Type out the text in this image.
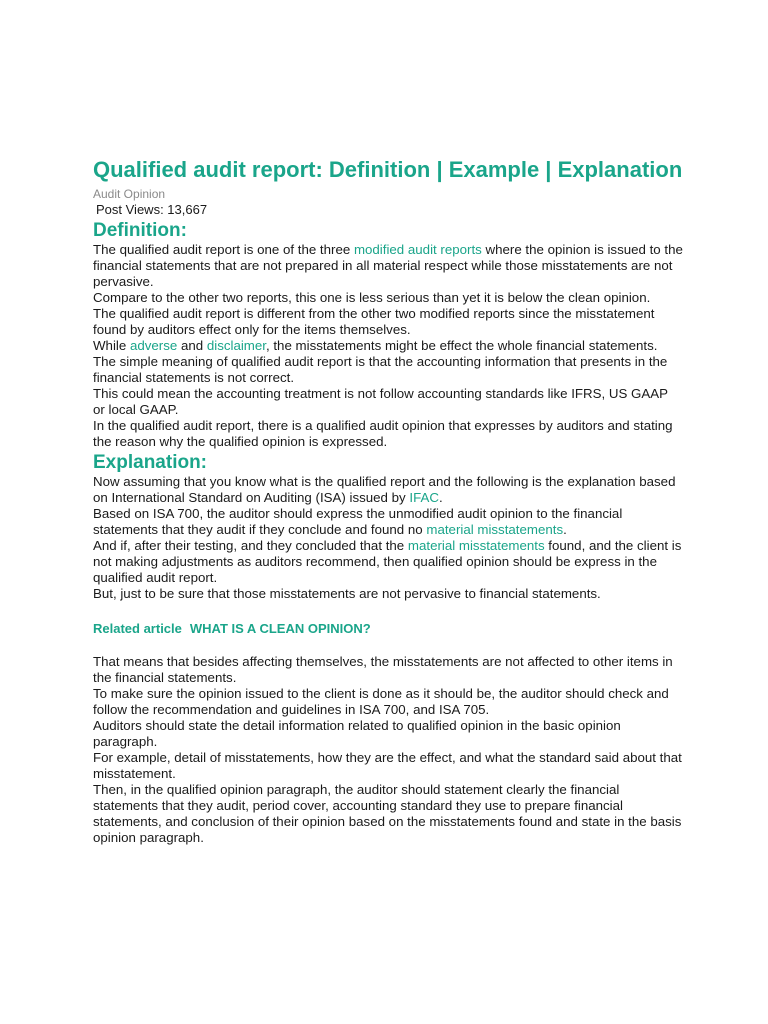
Qualified audit report: Definition | Example | Explanation
Audit Opinion
Post Views: 13,667
Definition:

The qualified audit report is one of the three modified audit reports where the opinion is issued to the financial statements that are not prepared in all material respect while those misstatements are not pervasive.

Compare to the other two reports, this one is less serious than yet it is below the clean opinion.

The qualified audit report is different from the other two modified reports since the misstatement found by auditors effect only for the items themselves.

While adverse and disclaimer, the misstatements might be effect the whole financial statements.

The simple meaning of qualified audit report is that the accounting information that presents in the financial statements is not correct.

This could mean the accounting treatment is not follow accounting standards like IFRS, US GAAP or local GAAP.

In the qualified audit report, there is a qualified audit opinion that expresses by auditors and stating the reason why the qualified opinion is expressed.

Explanation:

Now assuming that you know what is the qualified report and the following is the explanation based on International Standard on Auditing (ISA) issued by IFAC.

Based on ISA 700, the auditor should express the unmodified audit opinion to the financial statements that they audit if they conclude and found no material misstatements.

And if, after their testing, and they concluded that the material misstatements found, and the client is not making adjustments as auditors recommend, then qualified opinion should be express in the qualified audit report.

But, just to be sure that those misstatements are not pervasive to financial statements.

Related article WHAT IS A CLEAN OPINION?

That means that besides affecting themselves, the misstatements are not affected to other items in the financial statements.

To make sure the opinion issued to the client is done as it should be, the auditor should check and follow the recommendation and guidelines in ISA 700, and ISA 705.

Auditors should state the detail information related to qualified opinion in the basic opinion paragraph.

For example, detail of misstatements, how they are the effect, and what the standard said about that misstatement.

Then, in the qualified opinion paragraph, the auditor should statement clearly the financial statements that they audit, period cover, accounting standard they use to prepare financial statements, and conclusion of their opinion based on the misstatements found and state in the basis opinion paragraph.
